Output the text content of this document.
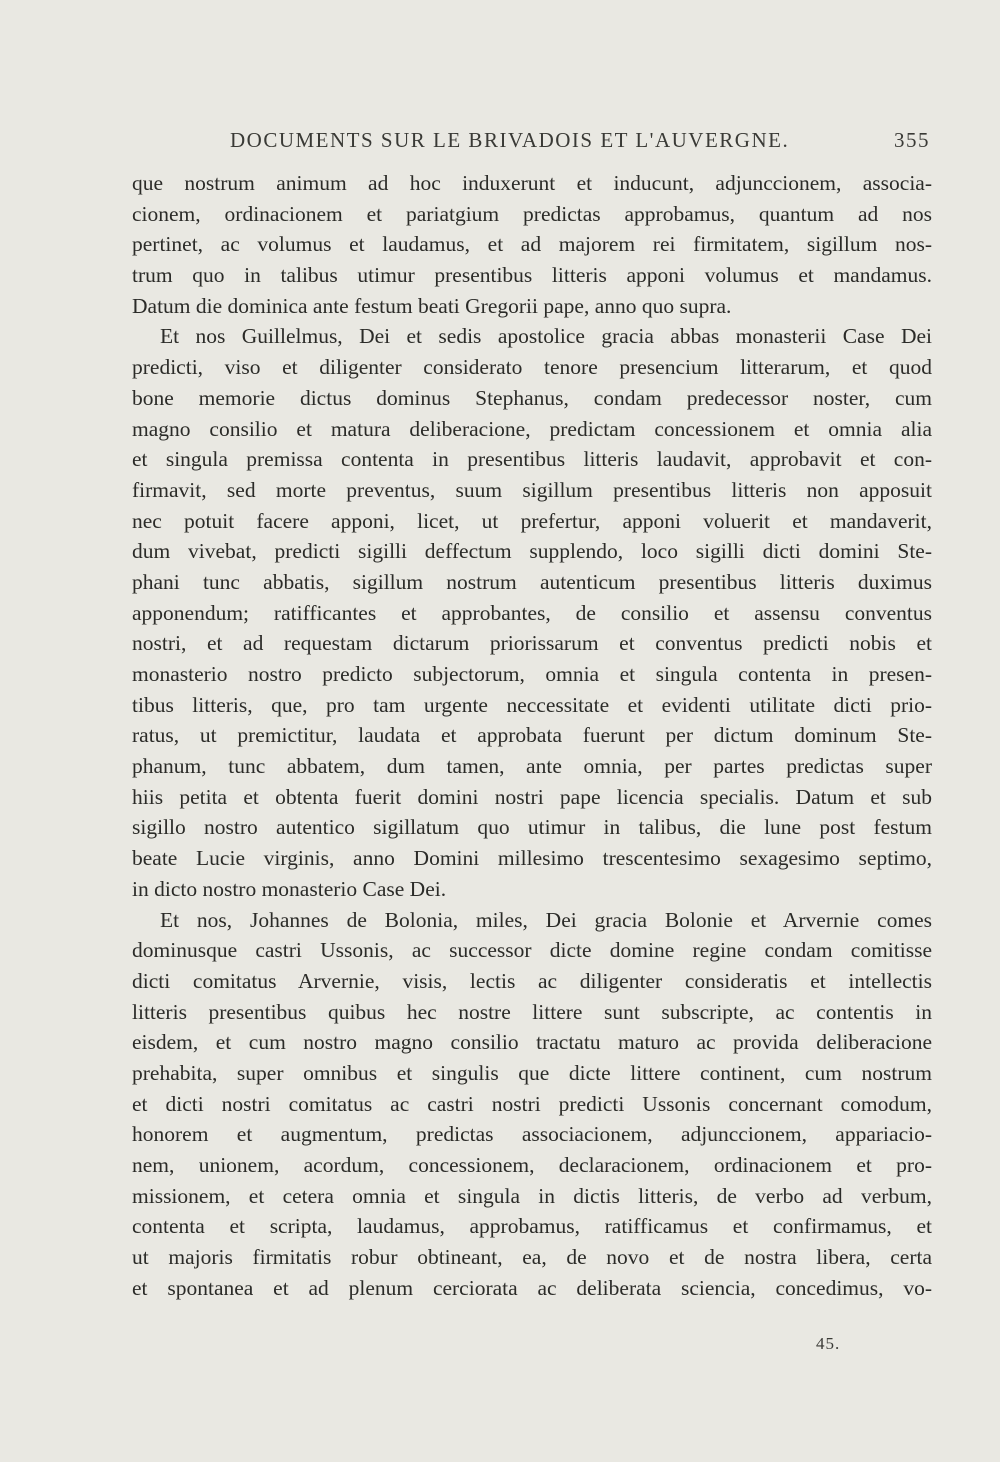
DOCUMENTS SUR LE BRIVADOIS ET L'AUVERGNE.	355
que nostrum animum ad hoc induxerunt et inducunt, adjunccionem, associa-
cionem, ordinacionem et pariatgium predictas approbamus, quantum ad nos
pertinet, ac volumus et laudamus, et ad majorem rei firmitatem, sigillum nos-
trum quo in talibus utimur presentibus litteris apponi volumus et mandamus.
Datum die dominica ante festum beati Gregorii pape, anno quo supra.
Et nos Guillelmus, Dei et sedis apostolice gracia abbas monasterii Case Dei
predicti, viso et diligenter considerato tenore presencium litterarum, et quod
bone memorie dictus dominus Stephanus, condam predecessor noster, cum
magno consilio et matura deliberacione, predictam concessionem et omnia alia
et singula premissa contenta in presentibus litteris laudavit, approbavit et con-
firmavit, sed morte preventus, suum sigillum presentibus litteris non apposuit
nec potuit facere apponi, licet, ut prefertur, apponi voluerit et mandaverit,
dum vivebat, predicti sigilli deffectum supplendo, loco sigilli dicti domini Ste-
phani tunc abbatis, sigillum nostrum autenticum presentibus litteris duximus
apponendum; ratifficantes et approbantes, de consilio et assensu conventus
nostri, et ad requestam dictarum priorissarum et conventus predicti nobis et
monasterio nostro predicto subjectorum, omnia et singula contenta in presen-
tibus litteris, que, pro tam urgente neccessitate et evidenti utilitate dicti prio-
ratus, ut premictitur, laudata et approbata fuerunt per dictum dominum Ste-
phanum, tunc abbatem, dum tamen, ante omnia, per partes predictas super
hiis petita et obtenta fuerit domini nostri pape licencia specialis. Datum et sub
sigillo nostro autentico sigillatum quo utimur in talibus, die lune post festum
beate Lucie virginis, anno Domini millesimo trescentesimo sexagesimo septimo,
in dicto nostro monasterio Case Dei.
Et nos, Johannes de Bolonia, miles, Dei gracia Bolonie et Arvernie comes
dominusque castri Ussonis, ac successor dicte domine regine condam comitisse
dicti comitatus Arvernie, visis, lectis ac diligenter consideratis et intellectis
litteris presentibus quibus hec nostre littere sunt subscripte, ac contentis in
eisdem, et cum nostro magno consilio tractatu maturo ac provida deliberacione
prehabita, super omnibus et singulis que dicte littere continent, cum nostrum
et dicti nostri comitatus ac castri nostri predicti Ussonis concernant comodum,
honorem et augmentum, predictas associacionem, adjunccionem, appariacio-
nem, unionem, acordum, concessionem, declaracionem, ordinacionem et pro-
missionem, et cetera omnia et singula in dictis litteris, de verbo ad verbum,
contenta et scripta, laudamus, approbamus, ratifficamus et confirmamus, et
ut majoris firmitatis robur obtineant, ea, de novo et de nostra libera, certa
et spontanea et ad plenum cerciorata ac deliberata sciencia, concedimus, vo-
45.
